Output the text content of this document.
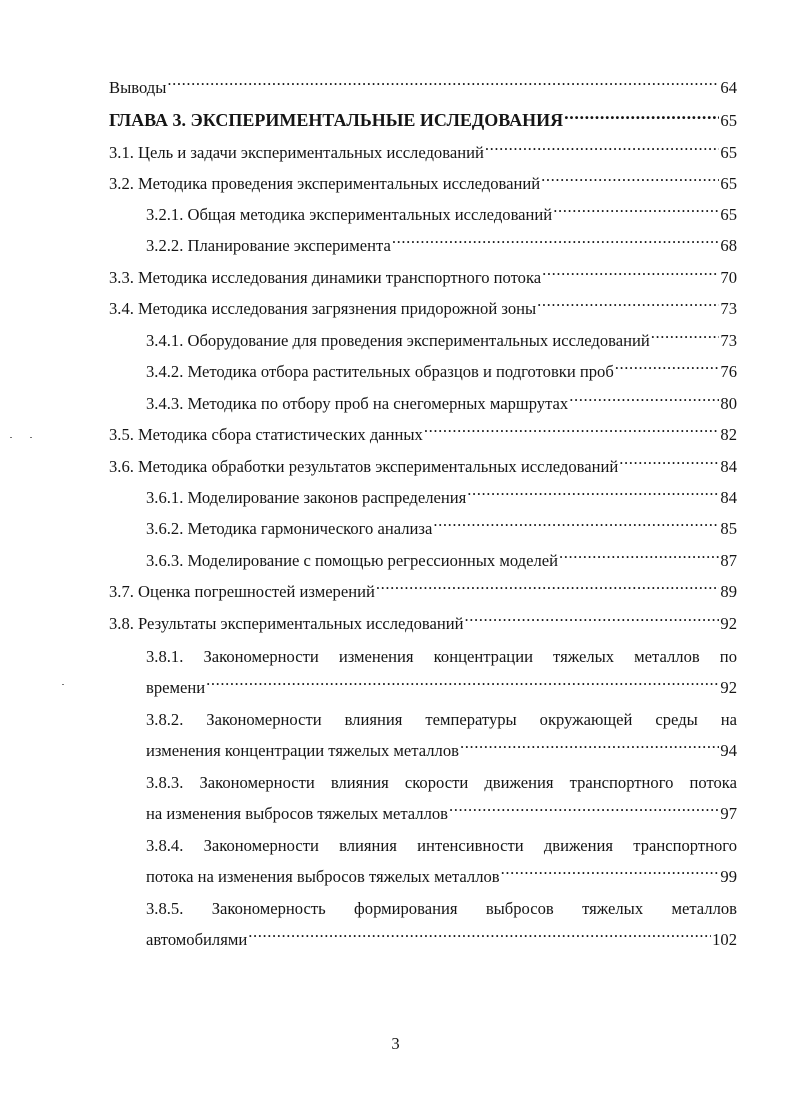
Выводы .....	64
ГЛАВА 3. ЭКСПЕРИМЕНТАЛЬНЫЕ ИСЛЕДОВАНИЯ .....	65
3.1. Цель и задачи экспериментальных исследований .....	65
3.2. Методика проведения экспериментальных исследований .....	65
3.2.1. Общая методика экспериментальных исследований .....	65
3.2.2. Планирование эксперимента .....	68
3.3. Методика исследования динамики транспортного потока .....	70
3.4. Методика исследования загрязнения придорожной зоны .....	73
3.4.1. Оборудование для проведения экспериментальных исследований .....	73
3.4.2. Методика отбора растительных образцов и подготовки проб .....	76
3.4.3. Методика по отбору проб на снегомерных маршрутах .....	80
3.5. Методика сбора статистических данных .....	82
3.6. Методика обработки результатов экспериментальных исследований .....	84
3.6.1. Моделирование законов распределения .....	84
3.6.2. Методика гармонического анализа .....	85
3.6.3. Моделирование с помощью регрессионных моделей .....	87
3.7. Оценка погрешностей измерений .....	89
3.8. Результаты экспериментальных исследований .....	92
3.8.1. Закономерности изменения концентрации тяжелых металлов по
времени .....	92
3.8.2. Закономерности влияния температуры окружающей среды на
изменения концентрации тяжелых металлов .....	94
3.8.3. Закономерности влияния скорости движения транспортного потока
на изменения выбросов тяжелых металлов .....	97
3.8.4. Закономерности влияния интенсивности движения транспортного
потока на изменения выбросов тяжелых металлов .....	99
3.8.5. Закономерность формирования выбросов тяжелых металлов
автомобилями .....	102
3
